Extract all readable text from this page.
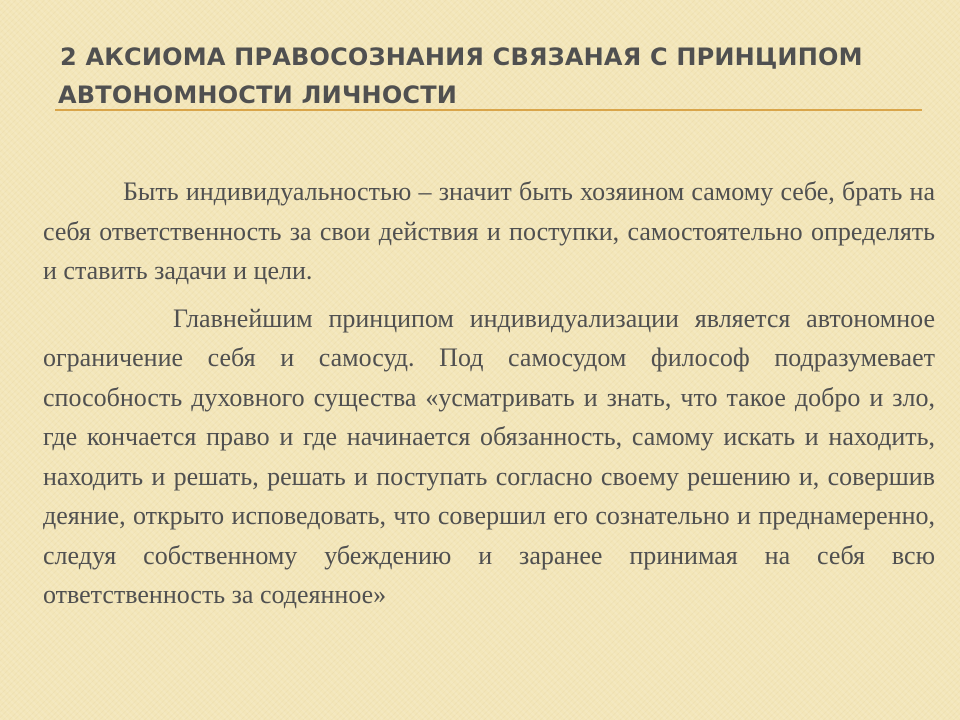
2 АКСИОМА ПРАВОСОЗНАНИЯ СВЯЗАНАЯ С ПРИНЦИПОМ
АВТОНОМНОСТИ ЛИЧНОСТИ

Быть индивидуальностью – значит быть хозяином самому себе, брать на себя ответственность за свои действия и поступки, самостоятельно определять и ставить задачи и цели.

Главнейшим принципом индивидуализации является автономное ограничение себя и самосуд. Под самосудом философ подразумевает способность духовного существа «усматривать и знать, что такое добро и зло, где кончается право и где начинается обязанность, самому искать и находить, находить и решать, решать и поступать согласно своему решению и, совершив деяние, открыто исповедовать, что совершил его сознательно и преднамеренно, следуя собственному убеждению и заранее принимая на себя всю ответственность за содеянное»
